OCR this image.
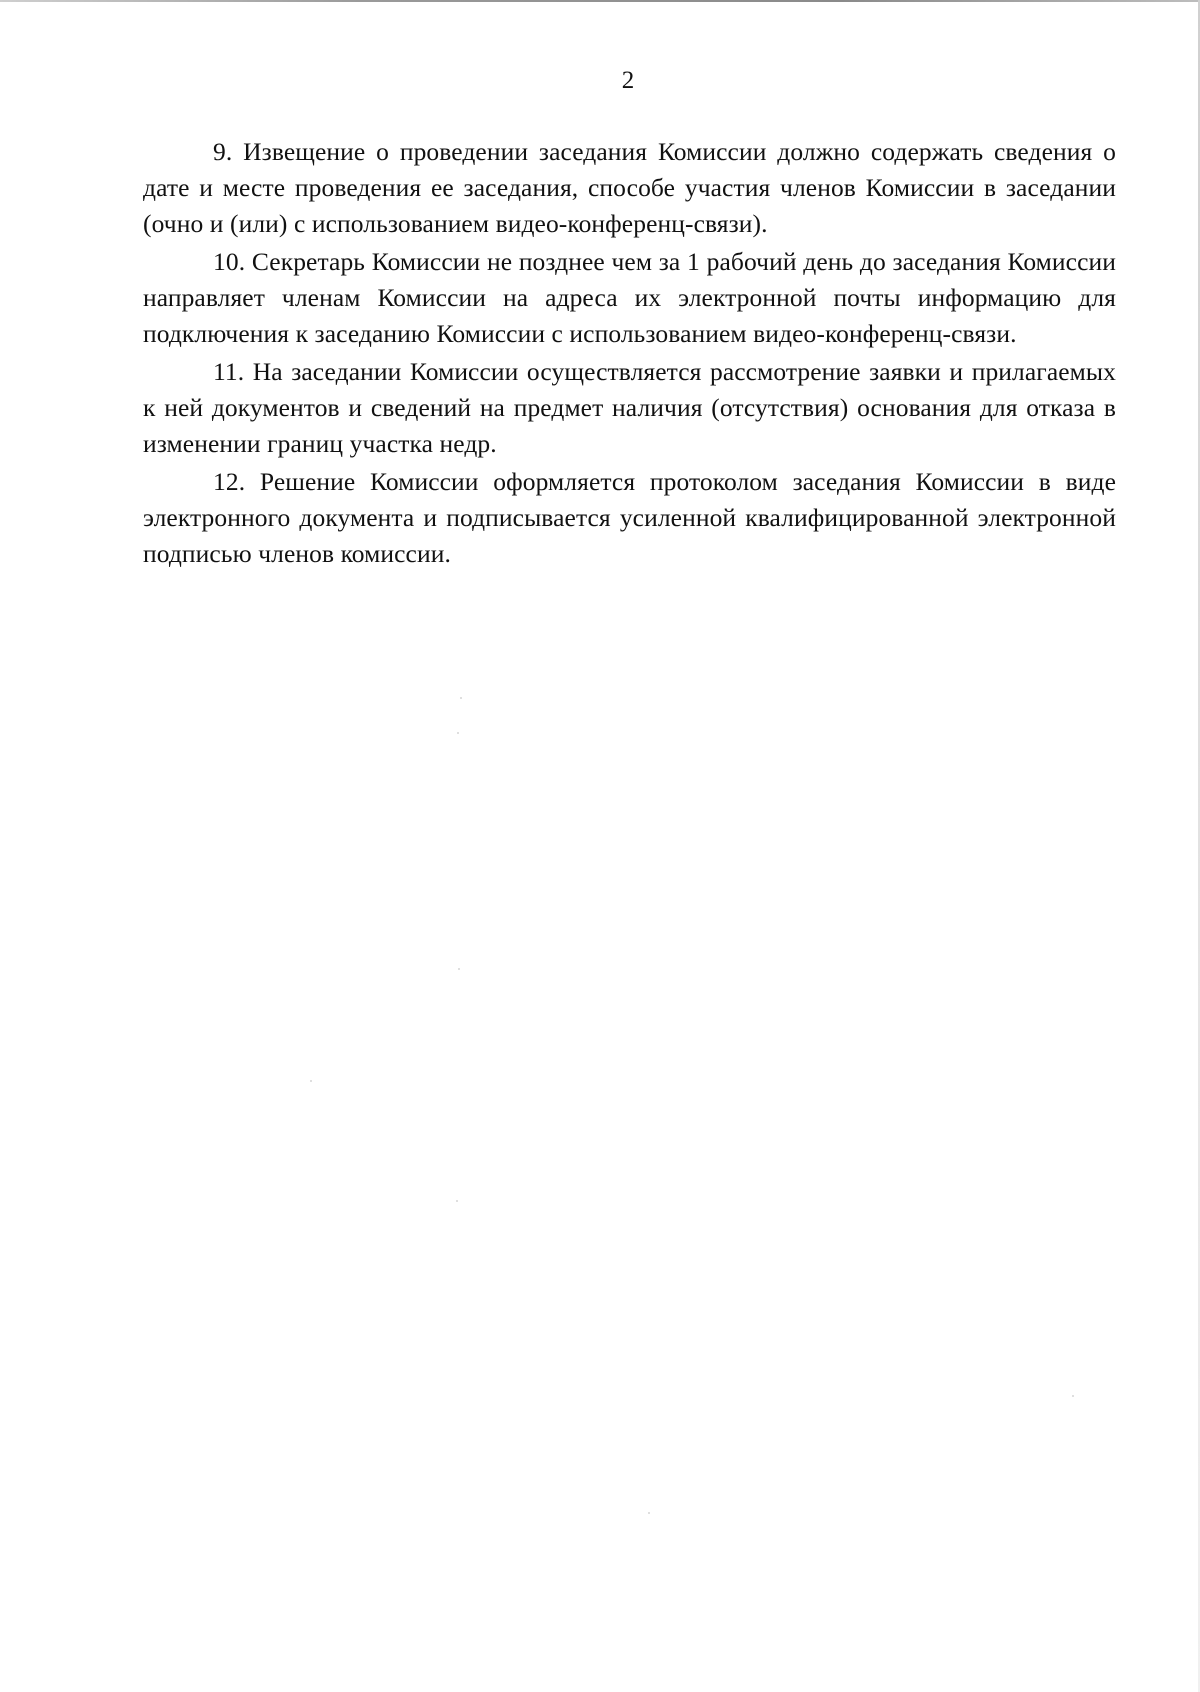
2

9. Извещение о проведении заседания Комиссии должно содержать сведения о дате и месте проведения ее заседания, способе участия членов Комиссии в заседании (очно и (или) с использованием видео-конференц-связи).

10. Секретарь Комиссии не позднее чем за 1 рабочий день до заседания Комиссии направляет членам Комиссии на адреса их электронной почты информацию для подключения к заседанию Комиссии с использованием видео-конференц-связи.

11. На заседании Комиссии осуществляется рассмотрение заявки и прилагаемых к ней документов и сведений на предмет наличия (отсутствия) основания для отказа в изменении границ участка недр.

12. Решение Комиссии оформляется протоколом заседания Комиссии в виде электронного документа и подписывается усиленной квалифицированной электронной подписью членов комиссии.
